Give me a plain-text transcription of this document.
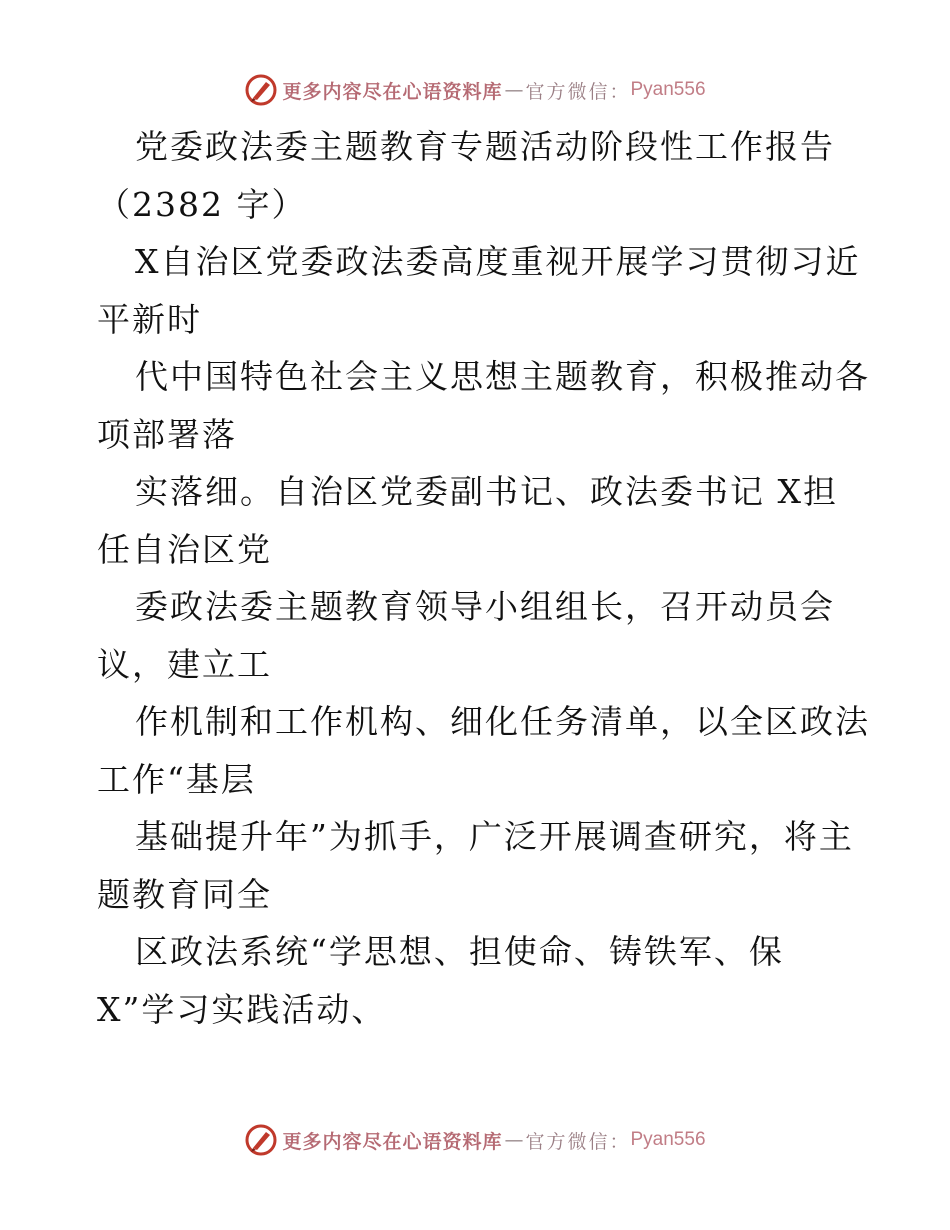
更多内容尽在心语资料库 — 官方微信： Pyan556
党委政法委主题教育专题活动阶段性工作报告
（2382 字）
X自治区党委政法委高度重视开展学习贯彻习近
平新时
代中国特色社会主义思想主题教育，积极推动各
项部署落
实落细。自治区党委副书记、政法委书记 X担
任自治区党
委政法委主题教育领导小组组长，召开动员会
议，建立工
作机制和工作机构、细化任务清单，以全区政法
工作“基层
基础提升年”为抓手，广泛开展调查研究，将主
题教育同全
区政法系统“学思想、担使命、铸铁军、保
X”学习实践活动、
更多内容尽在心语资料库 — 官方微信： Pyan556
